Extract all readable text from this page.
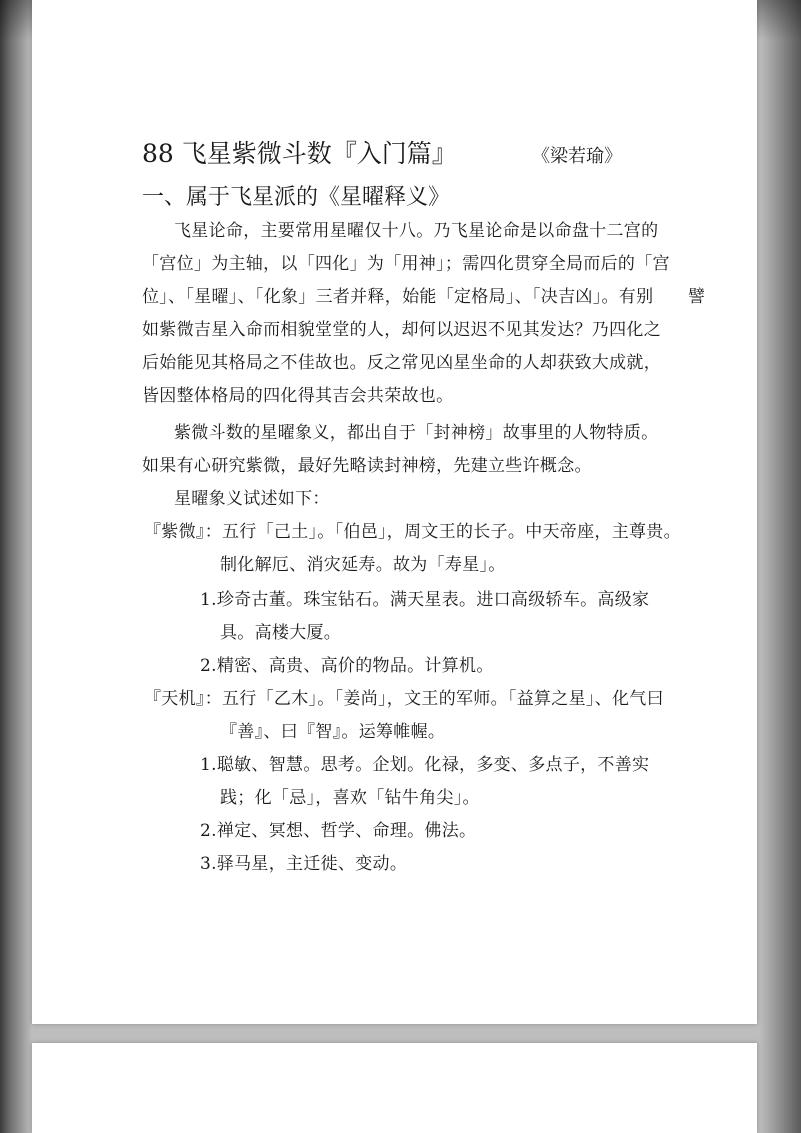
88 飞星紫微斗数『入门篇』	《梁若瑜》
一、属于飞星派的《星曜释义》
飞星论命，主要常用星曜仅十八。乃飞星论命是以命盘十二宫的
「宫位」为主轴，以「四化」为「用神」；需四化贯穿全局而后的「宫
位」、「星曜」、「化象」三者并释，始能「定格局」、「决吉凶」。有别　　譬
如紫微吉星入命而相貌堂堂的人，却何以迟迟不见其发达？乃四化之
后始能见其格局之不佳故也。反之常见凶星坐命的人却获致大成就，
皆因整体格局的四化得其吉会共荣故也。
紫微斗数的星曜象义，都出自于「封神榜」故事里的人物特质。
如果有心研究紫微，最好先略读封神榜，先建立些许概念。
星曜象义试述如下：
『紫微』：五行「己土」。「伯邑」，周文王的长子。中天帝座，主尊贵。
制化解厄、消灾延寿。故为「寿星」。
1.珍奇古董。珠宝钻石。满天星表。进口高级轿车。高级家
具。高楼大厦。
2.精密、高贵、高价的物品。计算机。
『天机』：五行「乙木」。「姜尚」，文王的军师。「益算之星」、化气曰
『善』、曰『智』。运筹帷幄。
1.聪敏、智慧。思考。企划。化禄，多变、多点子，不善实
践；化「忌」，喜欢「钻牛角尖」。
2.禅定、冥想、哲学、命理。佛法。
3.驿马星，主迁徙、变动。
